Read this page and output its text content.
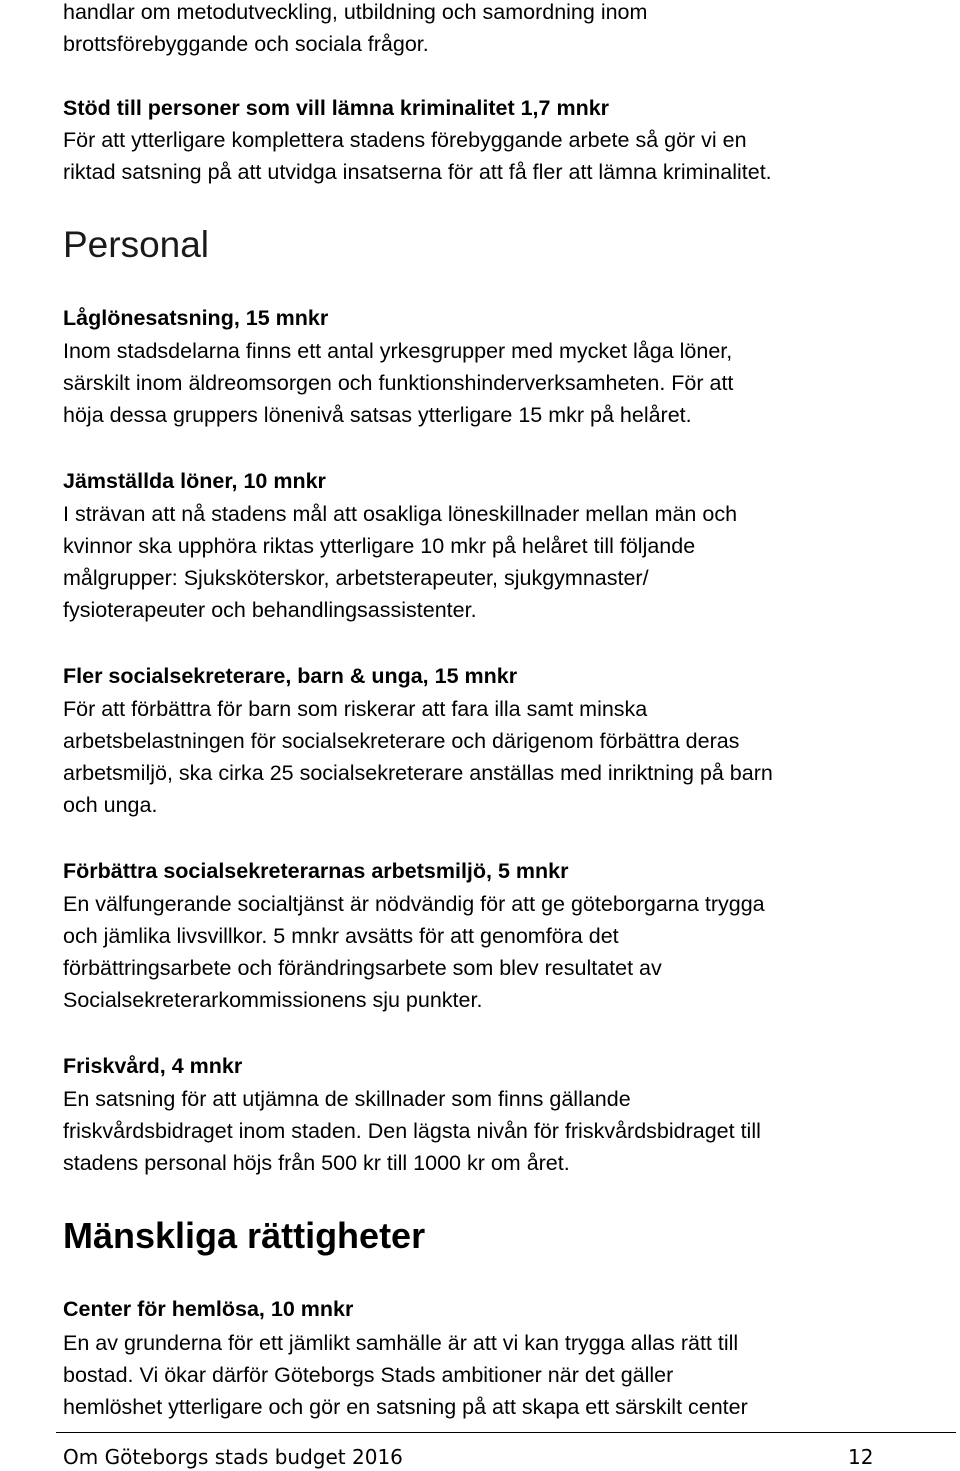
handlar om metodutveckling, utbildning och samordning inom
brottsförebyggande och sociala frågor.
Stöd till personer som vill lämna kriminalitet 1,7 mnkr
För att ytterligare komplettera stadens förebyggande arbete så gör vi en
riktad satsning på att utvidga insatserna för att få fler att lämna kriminalitet.
Personal
Låglönesatsning, 15 mnkr
Inom stadsdelarna finns ett antal yrkesgrupper med mycket låga löner,
särskilt inom äldreomsorgen och funktionshinderverksamheten. För att
höja dessa gruppers lönenivå satsas ytterligare 15 mkr på helåret.
Jämställda löner, 10 mnkr
I strävan att nå stadens mål att osakliga löneskillnader mellan män och
kvinnor ska upphöra riktas ytterligare 10 mkr på helåret till följande
målgrupper: Sjuksköterskor, arbetsterapeuter, sjukgymnaster/
fysioterapeuter och behandlingsassistenter.
Fler socialsekreterare, barn & unga, 15 mnkr
För att förbättra för barn som riskerar att fara illa samt minska
arbetsbelastningen för socialsekreterare och därigenom förbättra deras
arbetsmiljö, ska cirka 25 socialsekreterare anställas med inriktning på barn
och unga.
Förbättra socialsekreterarnas arbetsmiljö, 5 mnkr
En välfungerande socialtjänst är nödvändig för att ge göteborgarna trygga
och jämlika livsvillkor. 5 mnkr avsätts för att genomföra det
förbättringsarbete och förändringsarbete som blev resultatet av
Socialsekreterarkommissionens sju punkter.
Friskvård, 4 mnkr
En satsning för att utjämna de skillnader som finns gällande
friskvårdsbidraget inom staden. Den lägsta nivån för friskvårdsbidraget till
stadens personal höjs från 500 kr till 1000 kr om året.
Mänskliga rättigheter
Center för hemlösa, 10 mnkr
En av grunderna för ett jämlikt samhälle är att vi kan trygga allas rätt till
bostad. Vi ökar därför Göteborgs Stads ambitioner när det gäller
hemlöshet ytterligare och gör en satsning på att skapa ett särskilt center
Om Göteborgs stads budget 2016	12
